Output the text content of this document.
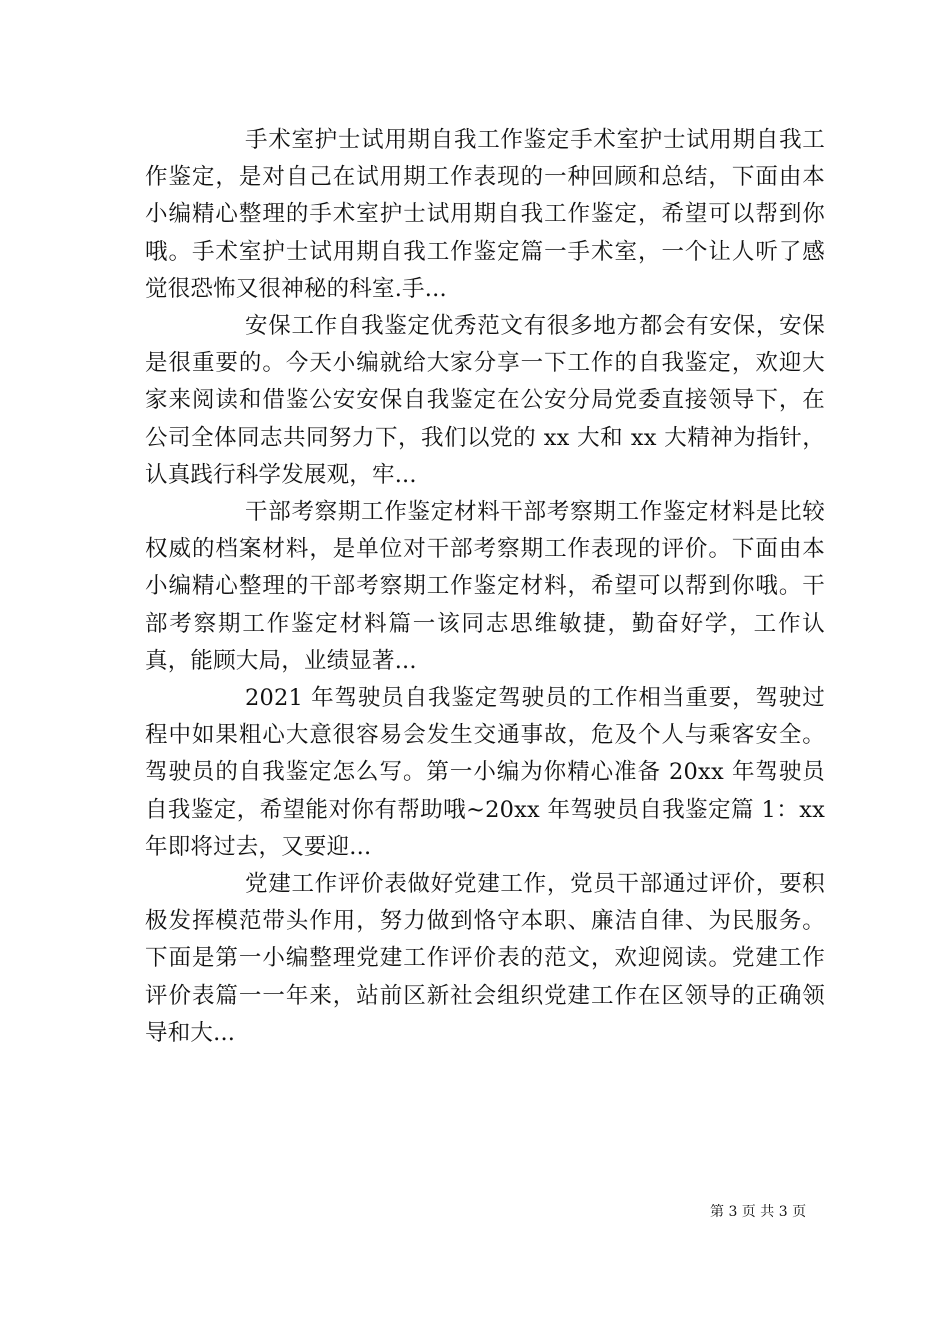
手术室护士试用期自我工作鉴定手术室护士试用期自我工作鉴定，是对自己在试用期工作表现的一种回顾和总结，下面由本小编精心整理的手术室护士试用期自我工作鉴定，希望可以帮到你哦。手术室护士试用期自我工作鉴定篇一手术室，一个让人听了感觉很恐怖又很神秘的科室.手...

安保工作自我鉴定优秀范文有很多地方都会有安保，安保是很重要的。今天小编就给大家分享一下工作的自我鉴定，欢迎大家来阅读和借鉴公安安保自我鉴定在公安分局党委直接领导下，在公司全体同志共同努力下，我们以党的 xx 大和 xx 大精神为指针，认真践行科学发展观，牢...

干部考察期工作鉴定材料干部考察期工作鉴定材料是比较权威的档案材料，是单位对干部考察期工作表现的评价。下面由本小编精心整理的干部考察期工作鉴定材料，希望可以帮到你哦。干部考察期工作鉴定材料篇一该同志思维敏捷，勤奋好学，工作认真，能顾大局，业绩显著...

2021 年驾驶员自我鉴定驾驶员的工作相当重要，驾驶过程中如果粗心大意很容易会发生交通事故，危及个人与乘客安全。驾驶员的自我鉴定怎么写。第一小编为你精心准备 20xx 年驾驶员自我鉴定，希望能对你有帮助哦~20xx 年驾驶员自我鉴定篇 1：xx 年即将过去，又要迎...

党建工作评价表做好党建工作，党员干部通过评价，要积极发挥模范带头作用，努力做到恪守本职、廉洁自律、为民服务。下面是第一小编整理党建工作评价表的范文，欢迎阅读。党建工作评价表篇一一年来，站前区新社会组织党建工作在区领导的正确领导和大...

第 3 页 共 3 页
